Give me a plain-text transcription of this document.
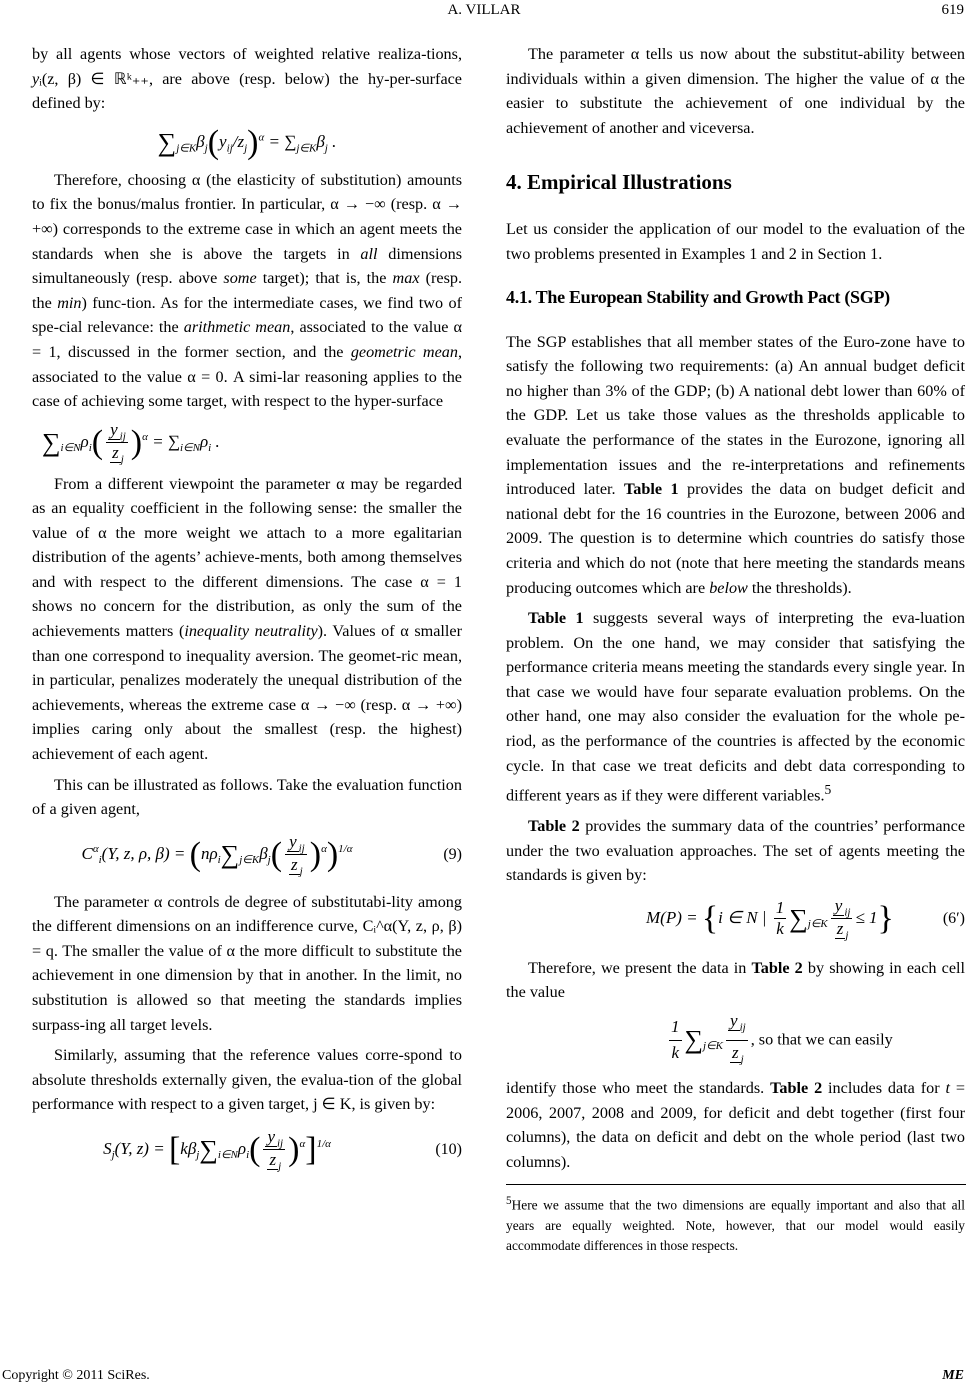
A. VILLAR	619

by all agents whose vectors of weighted relative realiza-tions, yᵢ(z, β) ∈ ℝᵏ₊₊, are above (resp. below) the hy-per-surface defined by:

$\sum_{j\in K}\beta_j(y_{ij}/z_j)^\alpha = \sum_{j\in K}\beta_j$ .

Therefore, choosing α (the elasticity of substitution) amounts to fix the bonus/malus frontier. In particular, α → −∞ (resp. α → +∞) corresponds to the extreme case in which an agent meets the standards when she is above the targets in all dimensions simultaneously (resp. above some target); that is, the max (resp. the min) func-tion. As for the intermediate cases, we find two of spe-cial relevance: the arithmetic mean, associated to the value α = 1, discussed in the former section, and the geometric mean, associated to the value α = 0. A simi-lar reasoning applies to the case of achieving some target, with respect to the hyper-surface

$\sum_{i\in N}\rho_i( \frac{y _{ij}}{z _j} )^\alpha = \sum_{i\in N}\rho_i$ .

From a different viewpoint the parameter α may be regarded as an equality coefficient in the following sense: the smaller the value of α the more weight we attach to a more egalitarian distribution of the agents’ achieve-ments, both among themselves and with respect to the different dimensions. The case α = 1 shows no concern for the distribution, as only the sum of the achievements matters (inequality neutrality). Values of α smaller than one correspond to inequality aversion. The geomet-ric mean, in particular, penalizes moderately the unequal distribution of the achievements, whereas the extreme case α → −∞ (resp. α → +∞) implies caring only about the smallest (resp. the highest) achievement of each agent.

This can be illustrated as follows. Take the evaluation function of a given agent,

$C^\alpha_i(Y$, z, ρ, $\beta) = (n\rho_i\sum_{j\in K}\beta_j( \frac{y _{ij}}{z _j} )^\alpha)^{1/\alpha}$	(9)

The parameter α controls de degree of substitutabi-lity among the different dimensions on an indifference curve, Cᵢ^α(Y, z, ρ, β) = q. The smaller the value of α the more difficult to substitute the achievement in one dimension by that in another. In the limit, no substitution is allowed so that meeting the standards implies surpass-ing all target levels.

Similarly, assuming that the reference values corre-spond to absolute thresholds externally given, the evalua-tion of the global performance with respect to a given target, j ∈ K, is given by:

$S_j(Y$, $z) = [k\beta_j\sum_{i\in N}\rho_i( \frac{y _{ij}}{z _j} )^\alpha]^{1/\alpha}$	(10)

The parameter α tells us now about the substitut-ability between individuals within a given dimension. The higher the value of α the easier to substitute the achievement of one individual by the achievement of another and viceversa.

4. Empirical Illustrations

Let us consider the application of our model to the evaluation of the two problems presented in Examples 1 and 2 in Section 1.

4.1. The European Stability and Growth Pact (SGP)

The SGP establishes that all member states of the Euro-zone have to satisfy the following two requirements: (a) An annual budget deficit no higher than 3% of the GDP; (b) A national debt lower than 60% of the GDP. Let us take those values as the thresholds applicable to evaluate the performance of the states in the Eurozone, ignoring all implementation issues and the re-interpretations and refinements introduced later. Table 1 provides the data on budget deficit and national debt for the 16 countries in the Eurozone, between 2006 and 2009. The question is to determine which countries do satisfy those criteria and which do not (note that here meeting the standards means producing outcomes which are below the thresholds).

Table 1 suggests several ways of interpreting the eva-luation problem. On the one hand, we may consider that satisfying the performance criteria means meeting the standards every single year. In that case we would have four separate evaluation problems. On the other hand, one may also consider the evaluation for the whole pe-riod, as the performance of the countries is affected by the economic cycle. In that case we treat deficits and debt data corresponding to different years as if they were different variables.$^5$

Table 2 provides the summary data of the countries’ performance under the two evaluation approaches. The set of agents meeting the standards is given by:

M(P) = {i ∈ N | $\frac{1}{k} \sum_{j\in K} \frac{y _{ij}}{z _j} \le 1$}	(6′)

Therefore, we present the data in Table 2 by showing in each cell the value

$\frac{1}{k} \sum_{j\in K} \frac{y _{ij}}{z _j}$ , so that we can easily

identify those who meet the standards. Table 2 includes data for t = 2006, 2007, 2008 and 2009, for deficit and debt together (first four columns), the data on deficit and debt on the whole period (last two columns).

$^5$Here we assume that the two dimensions are equally important and also that all years are equally weighted. Note, however, that our model would easily accommodate differences in those respects.

Copyright © 2011 SciRes.	ME
